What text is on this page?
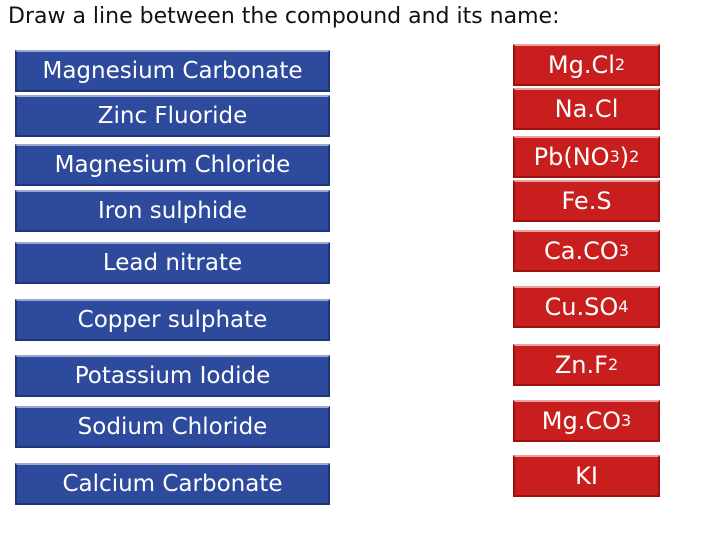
Draw a line between the compound and its name:
Magnesium Carbonate
Zinc Fluoride
Magnesium Chloride
Iron sulphide
Lead nitrate
Copper sulphate
Potassium Iodide
Sodium Chloride
Calcium Carbonate
Mg.Cl 2
Na.Cl
Pb(NO 3 ) 2
Fe.S
Ca.CO 3
Cu.SO 4
Zn.F 2
Mg.CO 3
KI
